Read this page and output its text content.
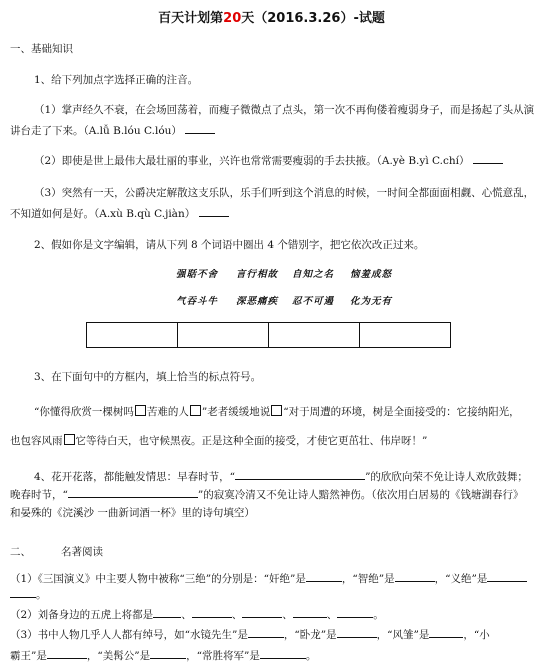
百天计划第20天（2016.3.26）-试题
一、基础知识
1、给下列加点字选择正确的注音。
（1）掌声经久不衰，在会场回荡着，而瘦子微微点了点头，第一次不再佝偻着瘦弱身子，而是扬起了头从演
讲台走了下来。（A.lǚ B.lóu C.lóu）
（2）即使是世上最伟大最壮丽的事业，兴许也常常需要瘦弱的手去扶掖。（A.yè B.yì C.chí）
（3）突然有一天，公爵决定解散这支乐队，乐手们听到这个消息的时候，一时间全都面面相觑、心慌意乱，
不知道如何是好。（A.xù B.qù C.jiàn）
2、假如你是文字编辑，请从下列 8 个词语中圈出 4 个错别字，把它依次改正过来。
强聒不舍 言行相故 自知之名 恼羞成怒
气吞斗牛 深恶痛疾 忍不可遏 化为无有
3、在下面句中的方框内，填上恰当的标点符号。
“你懂得欣赏一棵树吗 苦难的人 ”老者缓缓地说 “对于周遭的环境，树是全面接受的：它接纳阳光，
也包容风雨 它等待白天，也守候黑夜。正是这种全面的接受，才使它更茁壮、伟岸呀！”
4、花开花落，都能触发情思：早春时节，“	”的欣欣向荣不免让诗人欢欣鼓舞；
晚春时节，“	”的寂寞冷清又不免让诗人黯然神伤。（依次用白居易的《钱塘湖春行》
和晏殊的《浣溪沙 一曲新词酒一杯》里的诗句填空）
二、	名著阅读
（1）《三国演义》中主要人物中被称“三绝”的分别是：“奸绝”是	，“智绝”是	，“义绝”是
。
（2）刘备身边的五虎上将都是	、	、	、	、	。
（3）书中人物几乎人人都有绰号，如“水镜先生”是	，“卧龙”是	，“风雏”是	，“小
霸王”是	，“美髯公”是	，“常胜将军”是	。
